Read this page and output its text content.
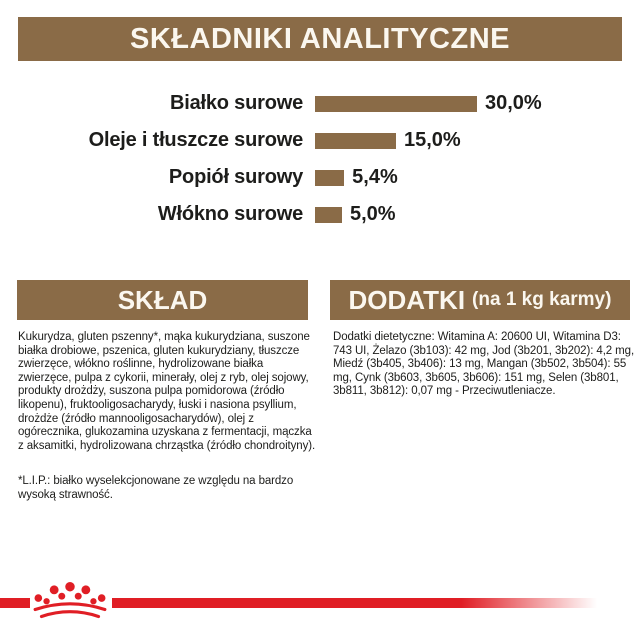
SKŁADNIKI ANALITYCZNE
Białko surowe	30,0%
Oleje i tłuszcze surowe	15,0%
Popiół surowy 5,4%
Włókno surowe 5,0%
SKŁAD
Kukurydza, gluten pszenny*, mąka kukurydziana, suszone białka drobiowe, pszenica, gluten kukurydziany, tłuszcze zwierzęce, włókno roślinne, hydrolizowane białka zwierzęce, pulpa z cykorii, minerały, olej z ryb, olej sojowy, produkty drożdży, suszona pulpa pomidorowa (źródło likopenu), fruktooligosacharydy, łuski i nasiona psyllium, drożdże (źródło mannooligosacharydów), olej z ogórecznika, glukozamina uzyskana z fermentacji, mączka z aksamitki, hydrolizowana chrząstka (źródło chondroityny).
*L.I.P.: białko wyselekcjonowane ze względu na bardzo wysoką strawność.
DODATKI (na 1 kg karmy)
Dodatki dietetyczne: Witamina A: 20600 UI, Witamina D3: 743 UI, Żelazo (3b103): 42 mg, Jod (3b201, 3b202): 4,2 mg, Miedź (3b405, 3b406): 13 mg, Mangan (3b502, 3b504): 55 mg, Cynk (3b603, 3b605, 3b606): 151 mg, Selen (3b801, 3b811, 3b812): 0,07 mg - Przeciwutleniacze.
